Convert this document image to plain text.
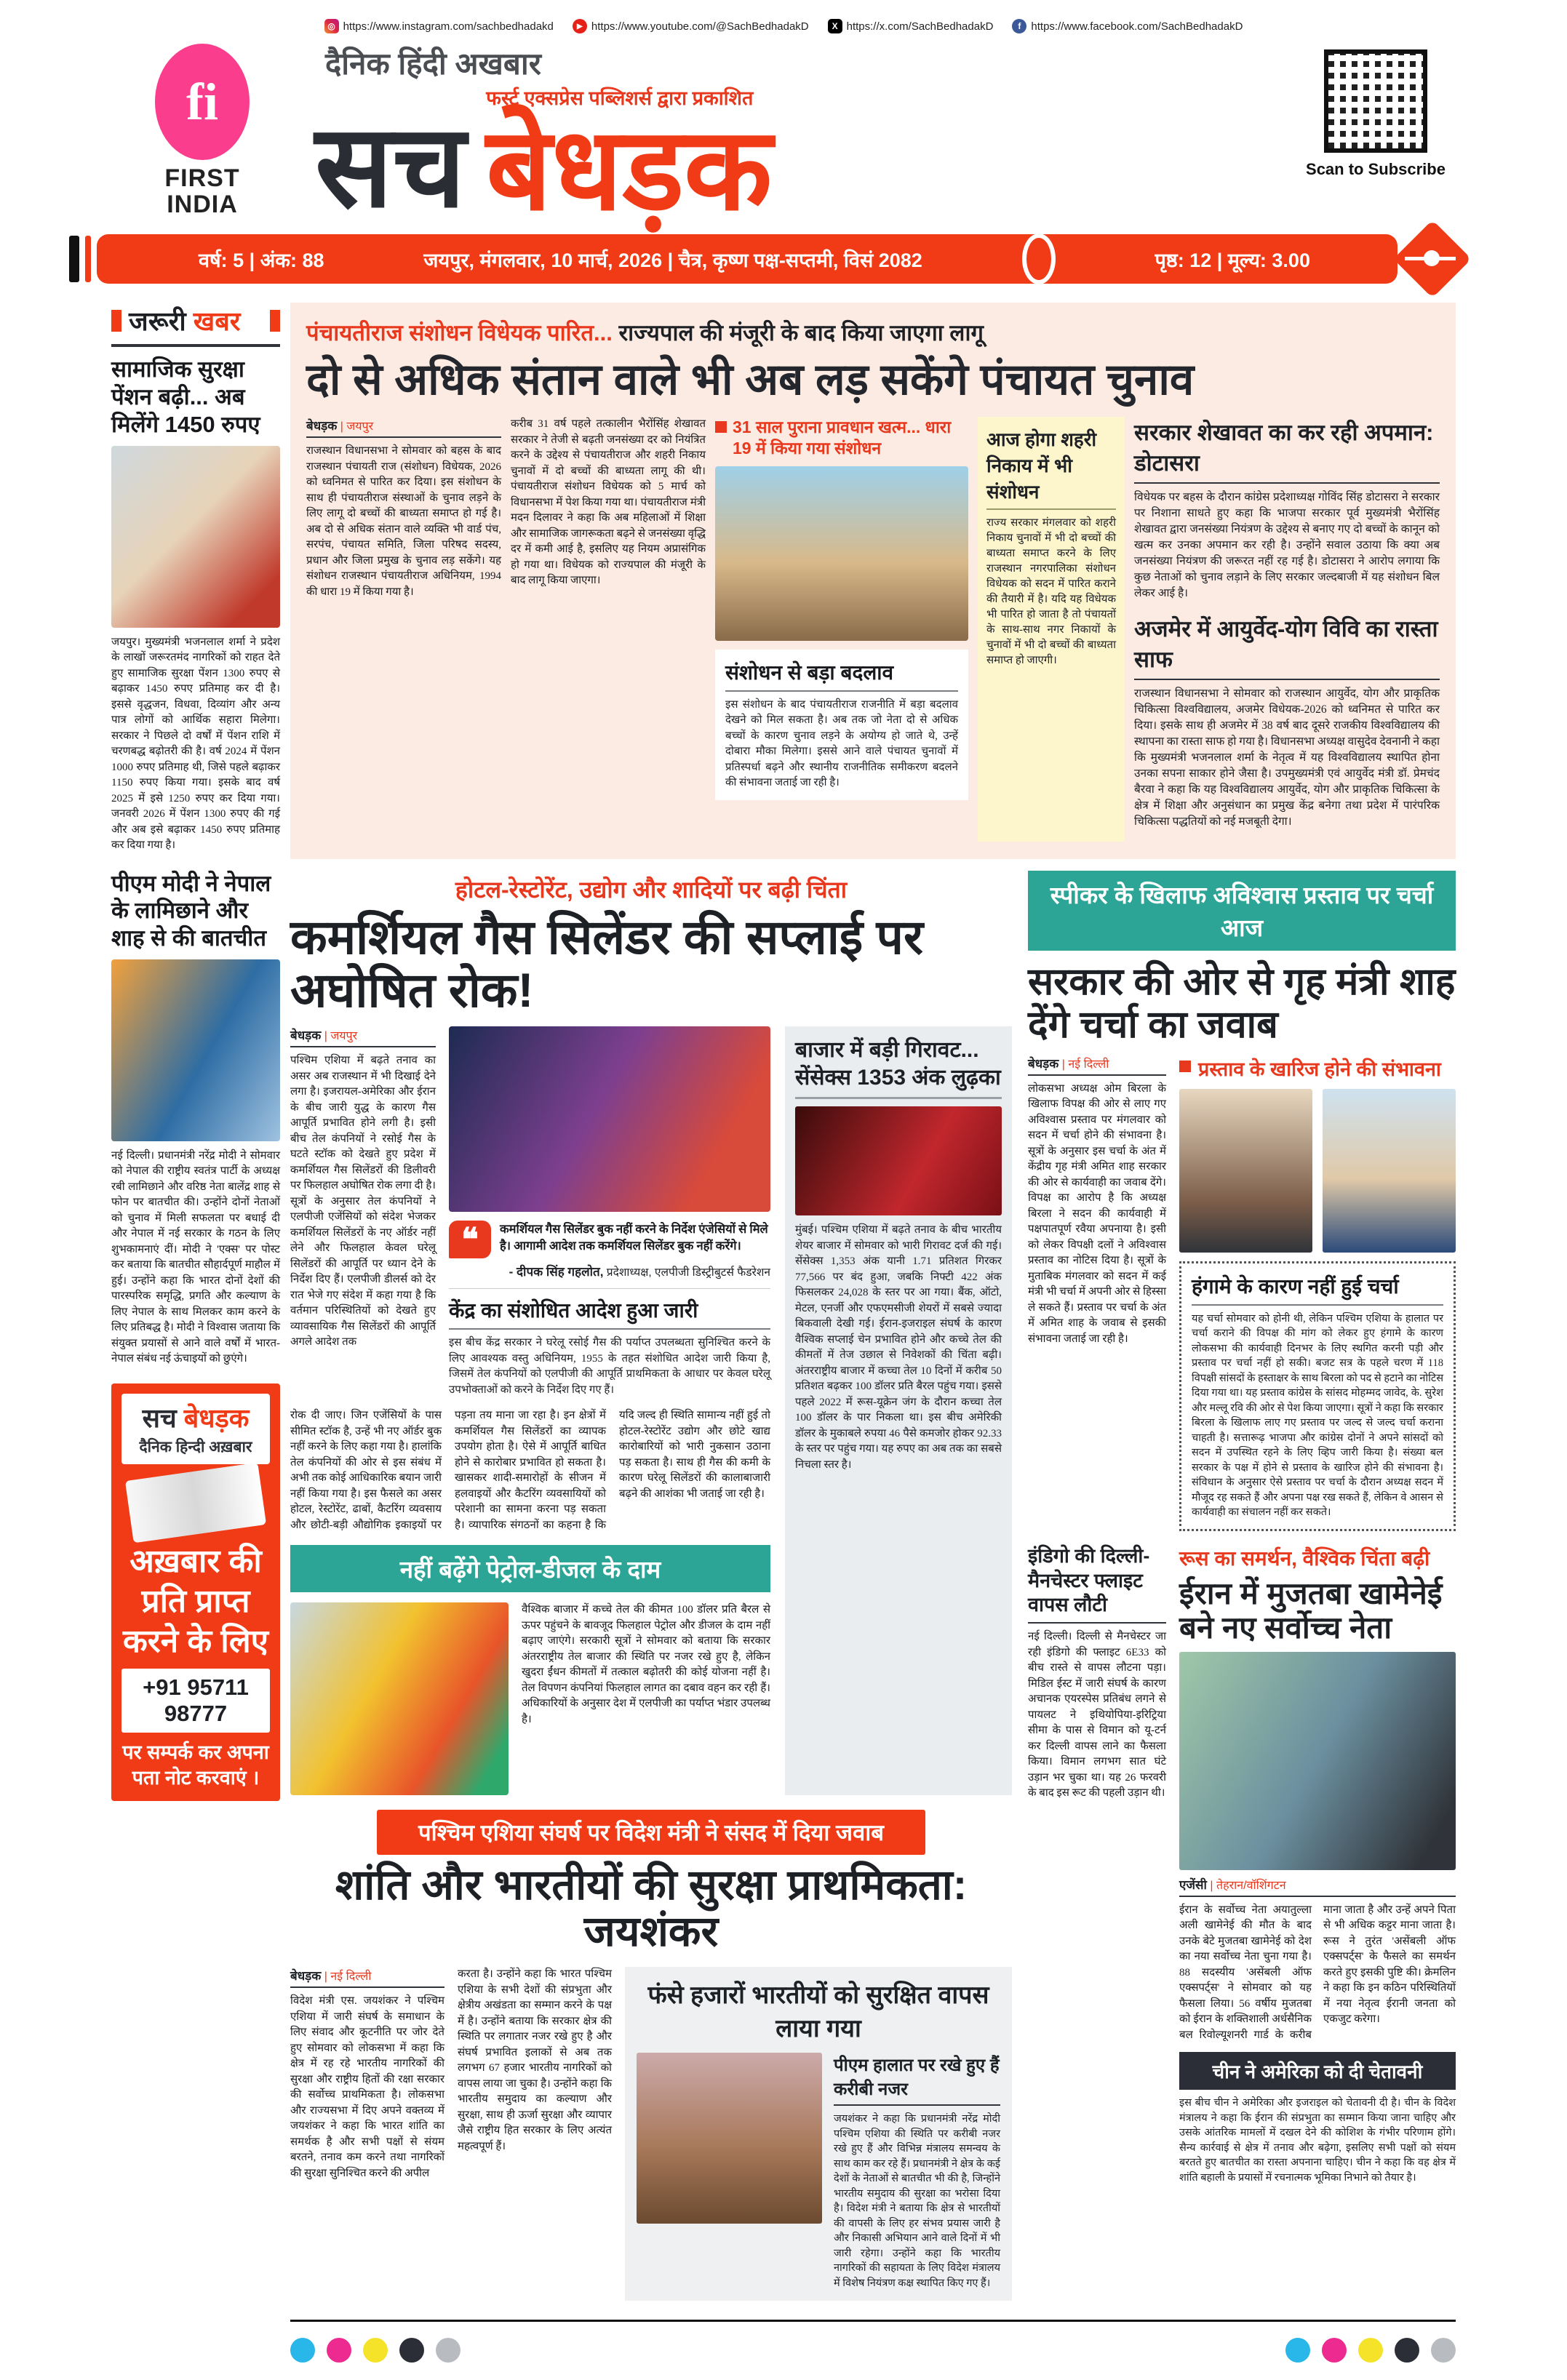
◎ https://www.instagram.com/sachbedhadakd	▶ https://www.youtube.com/@SachBedhadakD	X https://x.com/SachBedhadakD	f https://www.facebook.com/SachBedhadakD
fi
FIRST
INDIA
दैनिक हिंदी अखबार
सच
फर्स्ट एक्सप्रेस पब्लिशर्स द्वारा प्रकाशित
बेधड़क	Scan to Subscribe
वर्ष: 5 | अंक: 88	जयपुर, मंगलवार, 10 मार्च, 2026 | चैत्र, कृष्ण पक्ष-सप्तमी, विसं 2082	पृष्ठ: 12 | मूल्य: 3.00
जरूरी खबर
सामाजिक सुरक्षा पेंशन बढ़ी... अब मिलेंगे 1450 रुपए
जयपुर। मुख्यमंत्री भजनलाल शर्मा ने प्रदेश के लाखों जरूरतमंद नागरिकों को राहत देते हुए सामाजिक सुरक्षा पेंशन 1300 रुपए से बढ़ाकर 1450 रुपए प्रतिमाह कर दी है। इससे वृद्धजन, विधवा, दिव्यांग और अन्य पात्र लोगों को आर्थिक सहारा मिलेगा। सरकार ने पिछले दो वर्षों में पेंशन राशि में चरणबद्ध बढ़ोतरी की है। वर्ष 2024 में पेंशन 1000 रुपए प्रतिमाह थी, जिसे पहले बढ़ाकर 1150 रुपए किया गया। इसके बाद वर्ष 2025 में इसे 1250 रुपए कर दिया गया। जनवरी 2026 में पेंशन 1300 रुपए की गई और अब इसे बढ़ाकर 1450 रुपए प्रतिमाह कर दिया गया है।
पीएम मोदी ने नेपाल के लामिछाने और शाह से की बातचीत
नई दिल्ली। प्रधानमंत्री नरेंद्र मोदी ने सोमवार को नेपाल की राष्ट्रीय स्वतंत्र पार्टी के अध्यक्ष रबी लामिछाने और वरिष्ठ नेता बालेंद्र शाह से फोन पर बातचीत की। उन्होंने दोनों नेताओं को चुनाव में मिली सफलता पर बधाई दी और नेपाल में नई सरकार के गठन के लिए शुभकामनाएं दीं। मोदी ने 'एक्स' पर पोस्ट कर बताया कि बातचीत सौहार्दपूर्ण माहौल में हुई। उन्होंने कहा कि भारत दोनों देशों की पारस्परिक समृद्धि, प्रगति और कल्याण के लिए नेपाल के साथ मिलकर काम करने के लिए प्रतिबद्ध है। मोदी ने विश्वास जताया कि संयुक्त प्रयासों से आने वाले वर्षों में भारत-नेपाल संबंध नई ऊंचाइयों को छुएंगे।
सच बेधड़क
दैनिक हिन्दी अख़बार
अख़बार की प्रति प्राप्त करने के लिए
+91 95711 98777
पर सम्पर्क कर अपना पता नोट करवाएं ।
पंचायतीराज संशोधन विधेयक पारित... राज्यपाल की मंजूरी के बाद किया जाएगा लागू
दो से अधिक संतान वाले भी अब लड़ सकेंगे पंचायत चुनाव
बेधड़क | जयपुर
राजस्थान विधानसभा ने सोमवार को बहस के बाद राजस्थान पंचायती राज (संशोधन) विधेयक, 2026 को ध्वनिमत से पारित कर दिया। इस संशोधन के साथ ही पंचायतीराज संस्थाओं के चुनाव लड़ने के लिए लागू दो बच्चों की बाध्यता समाप्त हो गई है। अब दो से अधिक संतान वाले व्यक्ति भी वार्ड पंच, सरपंच, पंचायत समिति, जिला परिषद सदस्य, प्रधान और जिला प्रमुख के चुनाव लड़ सकेंगे। यह संशोधन राजस्थान पंचायतीराज अधिनियम, 1994 की धारा 19 में किया गया है।
करीब 31 वर्ष पहले तत्कालीन भैरोंसिंह शेखावत सरकार ने तेजी से बढ़ती जनसंख्या दर को नियंत्रित करने के उद्देश्य से पंचायतीराज और शहरी निकाय चुनावों में दो बच्चों की बाध्यता लागू की थी। पंचायतीराज संशोधन विधेयक को 5 मार्च को विधानसभा में पेश किया गया था। पंचायतीराज मंत्री मदन दिलावर ने कहा कि अब महिलाओं में शिक्षा और सामाजिक जागरूकता बढ़ने से जनसंख्या वृद्धि दर में कमी आई है, इसलिए यह नियम अप्रासंगिक हो गया था। विधेयक को राज्यपाल की मंजूरी के बाद लागू किया जाएगा।
31 साल पुराना प्रावधान खत्म... धारा 19 में किया गया संशोधन
संशोधन से बड़ा बदलाव
इस संशोधन के बाद पंचायतीराज राजनीति में बड़ा बदलाव देखने को मिल सकता है। अब तक जो नेता दो से अधिक बच्चों के कारण चुनाव लड़ने के अयोग्य हो जाते थे, उन्हें दोबारा मौका मिलेगा। इससे आने वाले पंचायत चुनावों में प्रतिस्पर्धा बढ़ने और स्थानीय राजनीतिक समीकरण बदलने की संभावना जताई जा रही है।
आज होगा शहरी निकाय में भी संशोधन
राज्य सरकार मंगलवार को शहरी निकाय चुनावों में भी दो बच्चों की बाध्यता समाप्त करने के लिए राजस्थान नगरपालिका संशोधन विधेयक को सदन में पारित कराने की तैयारी में है। यदि यह विधेयक भी पारित हो जाता है तो पंचायतों के साथ-साथ नगर निकायों के चुनावों में भी दो बच्चों की बाध्यता समाप्त हो जाएगी।
सरकार शेखावत का कर रही अपमान: डोटासरा
विधेयक पर बहस के दौरान कांग्रेस प्रदेशाध्यक्ष गोविंद सिंह डोटासरा ने सरकार पर निशाना साधते हुए कहा कि भाजपा सरकार पूर्व मुख्यमंत्री भैरोंसिंह शेखावत द्वारा जनसंख्या नियंत्रण के उद्देश्य से बनाए गए दो बच्चों के कानून को खत्म कर उनका अपमान कर रही है। उन्होंने सवाल उठाया कि क्या अब जनसंख्या नियंत्रण की जरूरत नहीं रह गई है। डोटासरा ने आरोप लगाया कि कुछ नेताओं को चुनाव लड़ाने के लिए सरकार जल्दबाजी में यह संशोधन बिल लेकर आई है।
अजमेर में आयुर्वेद-योग विवि का रास्ता साफ
राजस्थान विधानसभा ने सोमवार को राजस्थान आयुर्वेद, योग और प्राकृतिक चिकित्सा विश्वविद्यालय, अजमेर विधेयक-2026 को ध्वनिमत से पारित कर दिया। इसके साथ ही अजमेर में 38 वर्ष बाद दूसरे राजकीय विश्वविद्यालय की स्थापना का रास्ता साफ हो गया है। विधानसभा अध्यक्ष वासुदेव देवनानी ने कहा कि मुख्यमंत्री भजनलाल शर्मा के नेतृत्व में यह विश्वविद्यालय स्थापित होना उनका सपना साकार होने जैसा है। उपमुख्यमंत्री एवं आयुर्वेद मंत्री डॉ. प्रेमचंद बैरवा ने कहा कि यह विश्वविद्यालय आयुर्वेद, योग और प्राकृतिक चिकित्सा के क्षेत्र में शिक्षा और अनुसंधान का प्रमुख केंद्र बनेगा तथा प्रदेश में पारंपरिक चिकित्सा पद्धतियों को नई मजबूती देगा।
होटल-रेस्टोरेंट, उद्योग और शादियों पर बढ़ी चिंता
कमर्शियल गैस सिलेंडर की सप्लाई पर अघोषित रोक!
बेधड़क | जयपुर
पश्चिम एशिया में बढ़ते तनाव का असर अब राजस्थान में भी दिखाई देने लगा है। इजरायल-अमेरिका और ईरान के बीच जारी युद्ध के कारण गैस आपूर्ति प्रभावित होने लगी है। इसी बीच तेल कंपनियों ने रसोई गैस के घटते स्टॉक को देखते हुए प्रदेश में कमर्शियल गैस सिलेंडरों की डिलीवरी पर फिलहाल अघोषित रोक लगा दी है। सूत्रों के अनुसार तेल कंपनियों ने एलपीजी एजेंसियों को संदेश भेजकर कमर्शियल सिलेंडरों के नए ऑर्डर नहीं लेने और फिलहाल केवल घरेलू सिलेंडरों की आपूर्ति पर ध्यान देने के निर्देश दिए हैं। एलपीजी डीलर्स को देर रात भेजे गए संदेश में कहा गया है कि वर्तमान परिस्थितियों को देखते हुए व्यावसायिक गैस सिलेंडरों की आपूर्ति अगले आदेश तक
❝	कमर्शियल गैस सिलेंडर बुक नहीं करने के निर्देश एंजेसियों से मिले है। आगामी आदेश तक कमर्शियल सिलेंडर बुक नहीं करेंगे।
- दीपक सिंह गहलोत, प्रदेशाध्यक्ष, एलपीजी डिस्ट्रीबुटर्स फैडरेशन
केंद्र का संशोधित आदेश हुआ जारी
इस बीच केंद्र सरकार ने घरेलू रसोई गैस की पर्याप्त उपलब्धता सुनिश्चित करने के लिए आवश्यक वस्तु अधिनियम, 1955 के तहत संशोधित आदेश जारी किया है, जिसमें तेल कंपनियों को एलपीजी की आपूर्ति प्राथमिकता के आधार पर केवल घरेलू उपभोक्ताओं को करने के निर्देश दिए गए हैं।
रोक दी जाए। जिन एजेंसियों के पास सीमित स्टॉक है, उन्हें भी नए ऑर्डर बुक नहीं करने के लिए कहा गया है। हालांकि तेल कंपनियों की ओर से इस संबंध में अभी तक कोई आधिकारिक बयान जारी नहीं किया गया है। इस फैसले का असर होटल, रेस्टोरेंट, ढाबों, कैटरिंग व्यवसाय और छोटी-बड़ी औद्योगिक इकाइयों पर पड़ना तय माना जा रहा है। इन क्षेत्रों में कमर्शियल गैस सिलेंडरों का व्यापक उपयोग होता है। ऐसे में आपूर्ति बाधित होने से कारोबार प्रभावित हो सकता है। खासकर शादी-समारोहों के सीजन में हलवाइयों और कैटरिंग व्यवसायियों को परेशानी का सामना करना पड़ सकता है। व्यापारिक संगठनों का कहना है कि यदि जल्द ही स्थिति सामान्य नहीं हुई तो होटल-रेस्टोरेंट उद्योग और छोटे खाद्य कारोबारियों को भारी नुकसान उठाना पड़ सकता है। साथ ही गैस की कमी के कारण घरेलू सिलेंडरों की कालाबाजारी बढ़ने की आशंका भी जताई जा रही है।
नहीं बढ़ेंगे पेट्रोल-डीजल के दाम
वैश्विक बाजार में कच्चे तेल की कीमत 100 डॉलर प्रति बैरल से ऊपर पहुंचने के बावजूद फिलहाल पेट्रोल और डीजल के दाम नहीं बढ़ाए जाएंगे। सरकारी सूत्रों ने सोमवार को बताया कि सरकार अंतरराष्ट्रीय तेल बाजार की स्थिति पर नजर रखे हुए है, लेकिन खुदरा ईंधन कीमतों में तत्काल बढ़ोतरी की कोई योजना नहीं है। तेल विपणन कंपनियां फिलहाल लागत का दबाव वहन कर रही हैं। अधिकारियों के अनुसार देश में एलपीजी का पर्याप्त भंडार उपलब्ध है।
बाजार में बड़ी गिरावट... सेंसेक्स 1353 अंक लुढ़का
मुंबई। पश्चिम एशिया में बढ़ते तनाव के बीच भारतीय शेयर बाजार में सोमवार को भारी गिरावट दर्ज की गई। सेंसेक्स 1,353 अंक यानी 1.71 प्रतिशत गिरकर 77,566 पर बंद हुआ, जबकि निफ्टी 422 अंक फिसलकर 24,028 के स्तर पर आ गया। बैंक, ऑटो, मेटल, एनर्जी और एफएमसीजी शेयरों में सबसे ज्यादा बिकवाली देखी गई। ईरान-इजराइल संघर्ष के कारण वैश्विक सप्लाई चेन प्रभावित होने और कच्चे तेल की कीमतों में तेज उछाल से निवेशकों की चिंता बढ़ी। अंतरराष्ट्रीय बाजार में कच्चा तेल 10 दिनों में करीब 50 प्रतिशत बढ़कर 100 डॉलर प्रति बैरल पहुंच गया। इससे पहले 2022 में रूस-यूक्रेन जंग के दौरान कच्चा तेल 100 डॉलर के पार निकला था। इस बीच अमेरिकी डॉलर के मुकाबले रुपया 46 पैसे कमजोर होकर 92.33 के स्तर पर पहुंच गया। यह रुपए का अब तक का सबसे निचला स्तर है।
पश्चिम एशिया संघर्ष पर विदेश मंत्री ने संसद में दिया जवाब
शांति और भारतीयों की सुरक्षा प्राथमिकता: जयशंकर
बेधड़क | नई दिल्ली
विदेश मंत्री एस. जयशंकर ने पश्चिम एशिया में जारी संघर्ष के समाधान के लिए संवाद और कूटनीति पर जोर देते हुए सोमवार को लोकसभा में कहा कि क्षेत्र में रह रहे भारतीय नागरिकों की सुरक्षा और राष्ट्रीय हितों की रक्षा सरकार की सर्वोच्च प्राथमिकता है। लोकसभा और राज्यसभा में दिए अपने वक्तव्य में जयशंकर ने कहा कि भारत शांति का समर्थक है और सभी पक्षों से संयम बरतने, तनाव कम करने तथा नागरिकों की सुरक्षा सुनिश्चित करने की अपील
करता है। उन्होंने कहा कि भारत पश्चिम एशिया के सभी देशों की संप्रभुता और क्षेत्रीय अखंडता का सम्मान करने के पक्ष में है। उन्होंने बताया कि सरकार क्षेत्र की स्थिति पर लगातार नजर रखे हुए है और संघर्ष प्रभावित इलाकों से अब तक लगभग 67 हजार भारतीय नागरिकों को वापस लाया जा चुका है। उन्होंने कहा कि भारतीय समुदाय का कल्याण और सुरक्षा, साथ ही ऊर्जा सुरक्षा और व्यापार जैसे राष्ट्रीय हित सरकार के लिए अत्यंत महत्वपूर्ण हैं।
फंसे हजारों भारतीयों को सुरक्षित वापस लाया गया
पीएम हालात पर रखे हुए हैं करीबी नजर
जयशंकर ने कहा कि प्रधानमंत्री नरेंद्र मोदी पश्चिम एशिया की स्थिति पर करीबी नजर रखे हुए हैं और विभिन्न मंत्रालय समन्वय के साथ काम कर रहे हैं। प्रधानमंत्री ने क्षेत्र के कई देशों के नेताओं से बातचीत भी की है, जिन्होंने भारतीय समुदाय की सुरक्षा का भरोसा दिया है। विदेश मंत्री ने बताया कि क्षेत्र से भारतीयों की वापसी के लिए हर संभव प्रयास जारी है और निकासी अभियान आने वाले दिनों में भी जारी रहेगा। उन्होंने कहा कि भारतीय नागरिकों की सहायता के लिए विदेश मंत्रालय में विशेष नियंत्रण कक्ष स्थापित किए गए हैं।
स्पीकर के खिलाफ अविश्वास प्रस्ताव पर चर्चा आज
सरकार की ओर से गृह मंत्री शाह देंगे चर्चा का जवाब
बेधड़क | नई दिल्ली
लोकसभा अध्यक्ष ओम बिरला के खिलाफ विपक्ष की ओर से लाए गए अविश्वास प्रस्ताव पर मंगलवार को सदन में चर्चा होने की संभावना है। सूत्रों के अनुसार इस चर्चा के अंत में केंद्रीय गृह मंत्री अमित शाह सरकार की ओर से कार्यवाही का जवाब देंगे। विपक्ष का आरोप है कि अध्यक्ष बिरला ने सदन की कार्यवाही में पक्षपातपूर्ण रवैया अपनाया है। इसी को लेकर विपक्षी दलों ने अविश्वास प्रस्ताव का नोटिस दिया है। सूत्रों के मुताबिक मंगलवार को सदन में कई मंत्री भी चर्चा में अपनी ओर से हिस्सा ले सकते हैं। प्रस्ताव पर चर्चा के अंत में अमित शाह के जवाब से इसकी संभावना जताई जा रही है।
प्रस्ताव के खारिज होने की संभावना
हंगामे के कारण नहीं हुई चर्चा
यह चर्चा सोमवार को होनी थी, लेकिन पश्चिम एशिया के हालात पर चर्चा कराने की विपक्ष की मांग को लेकर हुए हंगामे के कारण लोकसभा की कार्यवाही दिनभर के लिए स्थगित करनी पड़ी और प्रस्ताव पर चर्चा नहीं हो सकी। बजट सत्र के पहले चरण में 118 विपक्षी सांसदों के हस्ताक्षर के साथ बिरला को पद से हटाने का नोटिस दिया गया था। यह प्रस्ताव कांग्रेस के सांसद मोहम्मद जावेद, के. सुरेश और मल्लू रवि की ओर से पेश किया जाएगा। सूत्रों ने कहा कि सरकार बिरला के खिलाफ लाए गए प्रस्ताव पर जल्द से जल्द चर्चा कराना चाहती है। सत्तारूढ़ भाजपा और कांग्रेस दोनों ने अपने सांसदों को सदन में उपस्थित रहने के लिए व्हिप जारी किया है। संख्या बल सरकार के पक्ष में होने से प्रस्ताव के खारिज होने की संभावना है। संविधान के अनुसार ऐसे प्रस्ताव पर चर्चा के दौरान अध्यक्ष सदन में मौजूद रह सकते हैं और अपना पक्ष रख सकते हैं, लेकिन वे आसन से कार्यवाही का संचालन नहीं कर सकते।
इंडिगो की दिल्ली-मैनचेस्टर फ्लाइट वापस लौटी
नई दिल्ली। दिल्ली से मैनचेस्टर जा रही इंडिगो की फ्लाइट 6E33 को बीच रास्ते से वापस लौटना पड़ा। मिडिल ईस्ट में जारी संघर्ष के कारण अचानक एयरस्पेस प्रतिबंध लगने से पायलट ने इथियोपिया-इरिट्रिया सीमा के पास से विमान को यू-टर्न कर दिल्ली वापस लाने का फैसला किया। विमान लगभग सात घंटे उड़ान भर चुका था। यह 26 फरवरी के बाद इस रूट की पहली उड़ान थी।
रूस का समर्थन, वैश्विक चिंता बढ़ी
ईरान में मुजतबा खामेनेई बने नए सर्वोच्च नेता
एजेंसी | तेहरान/वॉशिंगटन
ईरान के सर्वोच्च नेता अयातुल्ला अली खामेनेई की मौत के बाद उनके बेटे मुजतबा खामेनेई को देश का नया सर्वोच्च नेता चुना गया है। 88 सदस्यीय 'असेंबली ऑफ एक्सपर्ट्स' ने सोमवार को यह फैसला लिया। 56 वर्षीय मुजतबा को ईरान के शक्तिशाली अर्धसैनिक बल रिवोल्यूशनरी गार्ड के करीब माना जाता है और उन्हें अपने पिता से भी अधिक कट्टर माना जाता है। रूस ने तुरंत 'असेंबली ऑफ एक्सपर्ट्स' के फैसले का समर्थन करते हुए इसकी पुष्टि की। क्रेमलिन ने कहा कि इन कठिन परिस्थितियों में नया नेतृत्व ईरानी जनता को एकजुट करेगा।
चीन ने अमेरिका को दी चेतावनी
इस बीच चीन ने अमेरिका और इजराइल को चेतावनी दी है। चीन के विदेश मंत्रालय ने कहा कि ईरान की संप्रभुता का सम्मान किया जाना चाहिए और उसके आंतरिक मामलों में दखल देने की कोशिश के गंभीर परिणाम होंगे। सैन्य कार्रवाई से क्षेत्र में तनाव और बढ़ेगा, इसलिए सभी पक्षों को संयम बरतते हुए बातचीत का रास्ता अपनाना चाहिए। चीन ने कहा कि वह क्षेत्र में शांति बहाली के प्रयासों में रचनात्मक भूमिका निभाने को तैयार है।
